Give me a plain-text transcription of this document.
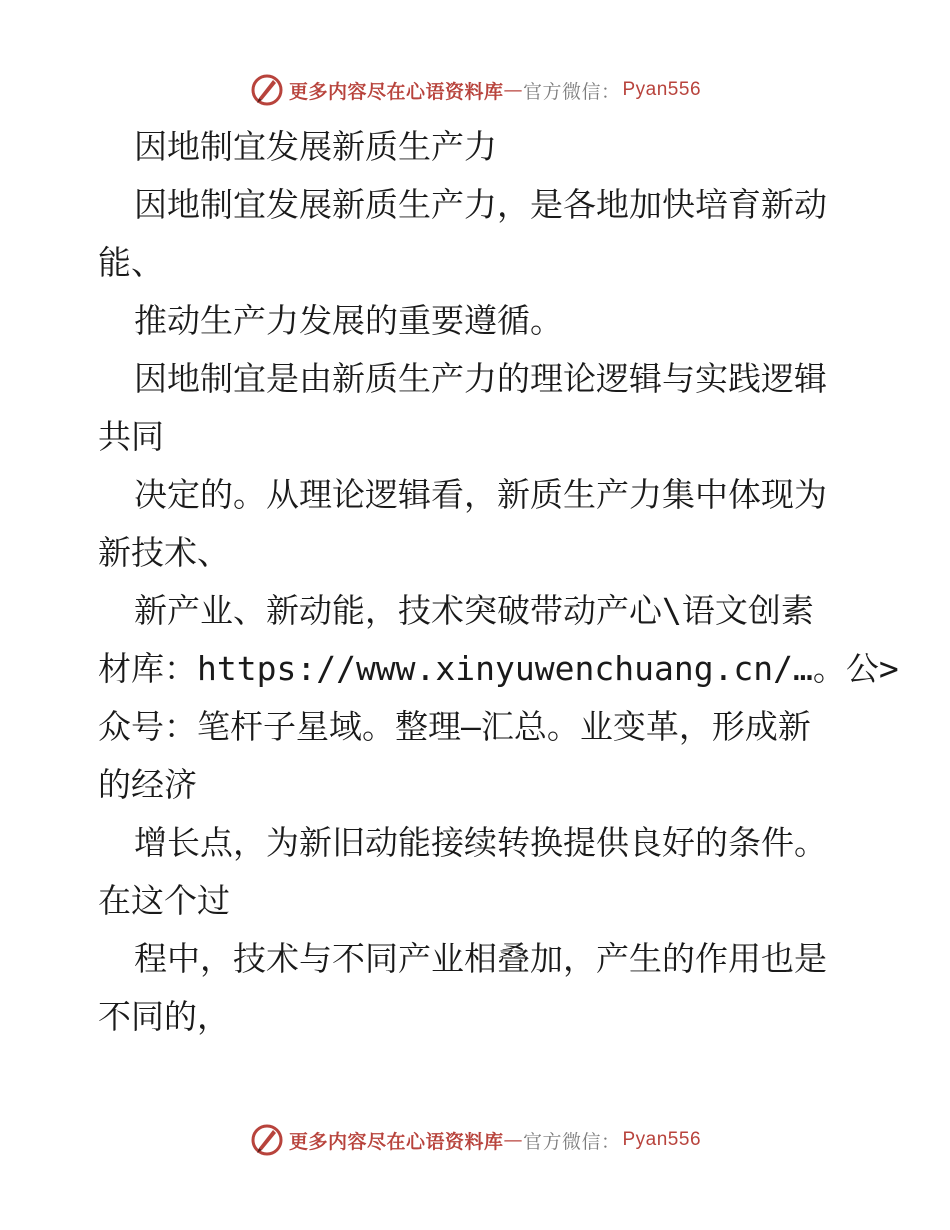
更多内容尽在心语资料库 — 官方微信： Pyan556
因地制宜发展新质生产力
因地制宜发展新质生产力，是各地加快培育新动
能、
推动生产力发展的重要遵循。
因地制宜是由新质生产力的理论逻辑与实践逻辑
共同
决定的。从理论逻辑看，新质生产力集中体现为
新技术、
新产业、新动能，技术突破带动产心\语文创素
材库：https://www.xinyuwenchuang.cn/…。公>
众号：笔杆子星域。整理—汇总。业变革，形成新
的经济
增长点，为新旧动能接续转换提供良好的条件。
在这个过
程中，技术与不同产业相叠加，产生的作用也是
不同的，
更多内容尽在心语资料库 — 官方微信： Pyan556
